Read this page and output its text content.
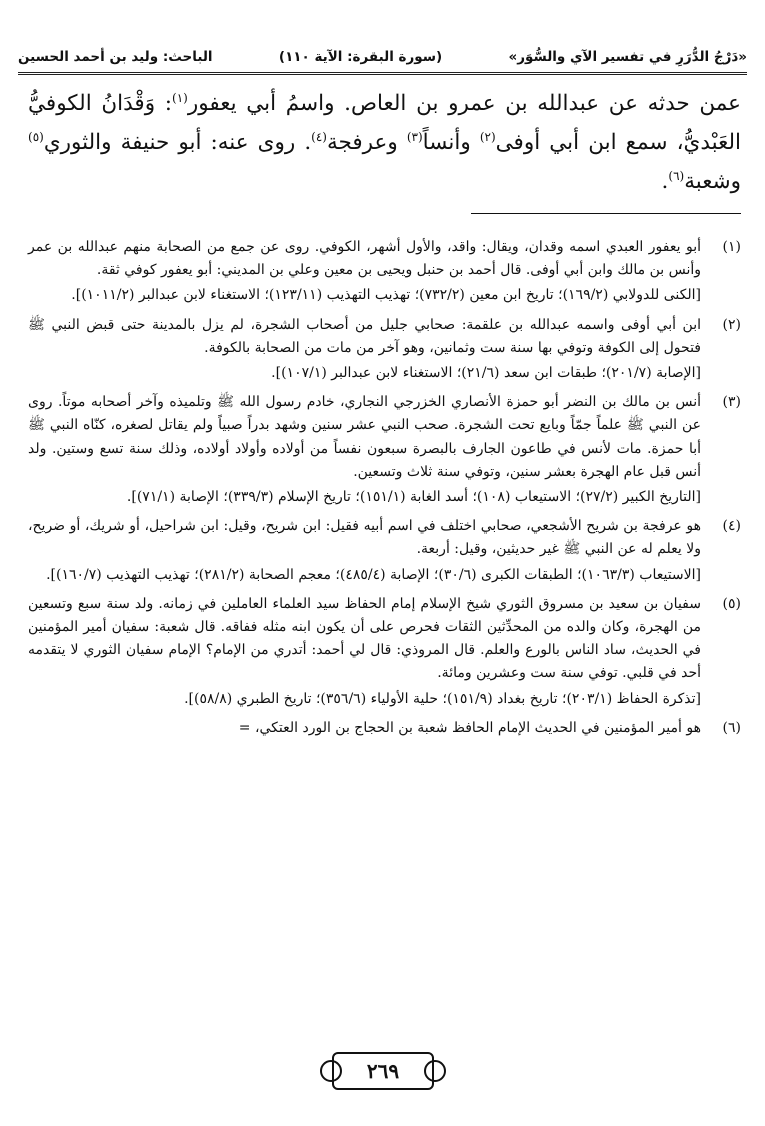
«دَرْجُ الدُّرَرِ في تفسير الآي والسُّوَر»
(سورة البقرة: الآية ١١٠)
الباحث: وليد بن أحمد الحسين

عمن حدثه عن عبدالله بن عمرو بن العاص. واسمُ أبي يعفور$^{(١)}$: وَقْدَانُ الكوفيُّ العَبْديُّ، سمع ابن أبي أوفى$^{(٢)}$ وأنساً$^{(٣)}$ وعرفجة$^{(٤)}$. روى عنه: أبو حنيفة والثوري$^{(٥)}$ وشعبة$^{(٦)}$.

(١)

أبو يعفور العبدي اسمه وقدان، ويقال: واقد، والأول أشهر، الكوفي. روى عن جمع من الصحابة منهم عبدالله بن عمر وأنس بن مالك وابن أبي أوفى. قال أحمد بن حنبل ويحيى بن معين وعلي بن المديني: أبو يعفور كوفي ثقة.

[الكنى للدولابي (١٦٩/٢)؛ تاريخ ابن معين (٧٣٢/٢)؛ تهذيب التهذيب (١٢٣/١١)؛ الاستغناء لابن عبدالبر (١٠١١/٢)].

(٢)

ابن أبي أوفى واسمه عبدالله بن علقمة: صحابي جليل من أصحاب الشجرة، لم يزل بالمدينة حتى قبض النبي ﷺ فتحول إلى الكوفة وتوفي بها سنة ست وثمانين، وهو آخر من مات من الصحابة بالكوفة.

[الإصابة (٢٠١/٧)؛ طبقات ابن سعد (٢١/٦)؛ الاستغناء لابن عبدالبر (١٠٧/١)].

(٣)

أنس بن مالك بن النضر أبو حمزة الأنصاري الخزرجي النجاري، خادم رسول الله ﷺ وتلميذه وآخر أصحابه موتاً. روى عن النبي ﷺ علماً جمّاً وبايع تحت الشجرة. صحب النبي عشر سنين وشهد بدراً صبياً ولم يقاتل لصغره، كنّاه النبي ﷺ أبا حمزة. مات لأنس في طاعون الجارف بالبصرة سبعون نفساً من أولاده وأولاد أولاده، وذلك سنة تسع وستين. ولد أنس قبل عام الهجرة بعشر سنين، وتوفي سنة ثلاث وتسعين.

[التاريخ الكبير (٢٧/٢)؛ الاستيعاب (١٠٨)؛ أسد الغابة (١٥١/١)؛ تاريخ الإسلام (٣٣٩/٣)؛ الإصابة (٧١/١)].

(٤)

هو عرفجة بن شريح الأشجعي، صحابي اختلف في اسم أبيه فقيل: ابن شريح، وقيل: ابن شراحيل، أو شريك، أو ضريح، ولا يعلم له عن النبي ﷺ غير حديثين، وقيل: أربعة.

[الاستيعاب (١٠٦٣/٣)؛ الطبقات الكبرى (٣٠/٦)؛ الإصابة (٤٨٥/٤)؛ معجم الصحابة (٢٨١/٢)؛ تهذيب التهذيب (١٦٠/٧)].

(٥)

سفيان بن سعيد بن مسروق الثوري شيخ الإسلام إمام الحفاظ سيد العلماء العاملين في زمانه. ولد سنة سبع وتسعين من الهجرة، وكان والده من المحدِّثين الثقات فحرص على أن يكون ابنه مثله ففاقه. قال شعبة: سفيان أمير المؤمنين في الحديث، ساد الناس بالورع والعلم. قال المروذي: قال لي أحمد: أتدري من الإمام؟ الإمام سفيان الثوري لا يتقدمه أحد في قلبي. توفي سنة ست وعشرين ومائة.

[تذكرة الحفاظ (٢٠٣/١)؛ تاريخ بغداد (١٥١/٩)؛ حلية الأولياء (٣٥٦/٦)؛ تاريخ الطبري (٥٨/٨)].

(٦)

هو أمير المؤمنين في الحديث الإمام الحافظ شعبة بن الحجاج بن الورد العتكي، =

٢٦٩
